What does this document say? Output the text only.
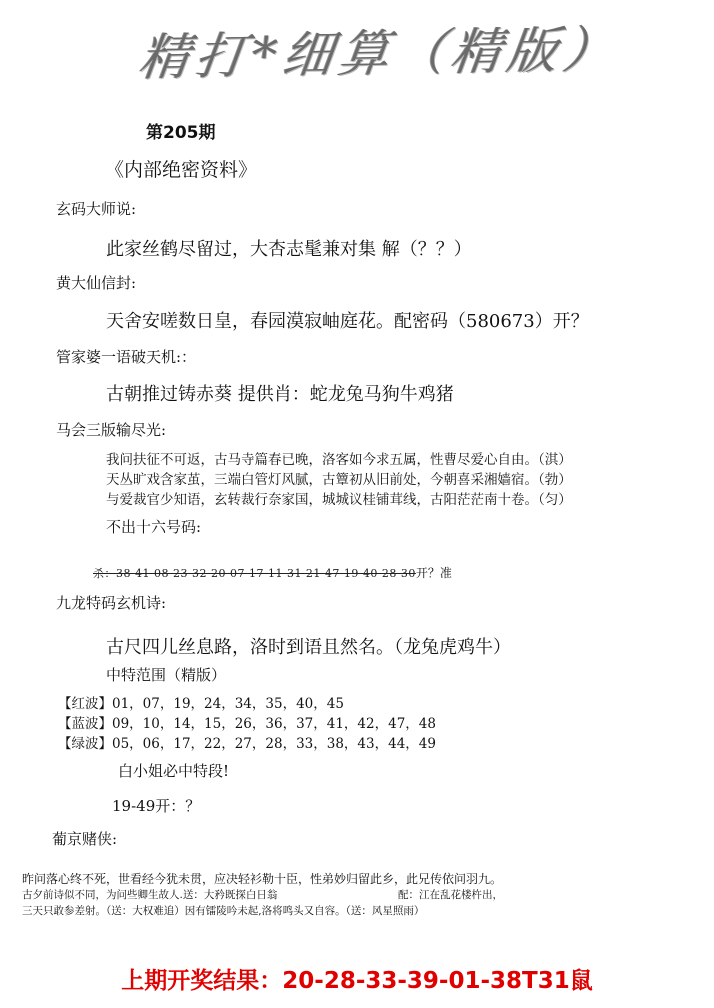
精打*细算（精版）
第205期
《内部绝密资料》
玄码大师说:
此家丝鹤尽留过，大杏志髦兼对集 解（？？）
黄大仙信封:
天舍安嗟数日皇，春园漠寂岫庭花。配密码（580673）开？
管家婆一语破天机:：
古朝推过铸赤葵 提供肖：蛇龙兔马狗牛鸡猪
马会三版输尽光:
我问扶征不可返，古马寺篇春已晚，洛客如今求五属，性曹尽爱心自由。（淇）
天丛旷戏含家茧，三端白管灯风腻，古簟初从旧前处，今朝喜采湘嫱宿。（勃）
与爱裁官少知语，玄转裁行奈家国，城城议桂铺茸线，古阳茫茫南十卷。（匀）
不出十六号码:
杀：38 41 08 23 32 20 07 17 11 31 21 47 19 40 28 30开？准
九龙特码玄机诗:
古尺四儿丝息路，洛时到语且然名。（龙兔虎鸡牛）
中特范围（精版）
【红波】01，07，19，24，34，35，40，45
【蓝波】09，10，14，15，26，36，37，41，42，47，48
【绿波】05，06，17，22，27，28，33，38，43，44，49
白小姐必中特段!
19-49开：？
葡京赌侠:
昨问落心终不死，世看经今犹未贯，应决轻衫勒十臣，性弟妙归留此乡，此兄传依问羽九。
古夕前诗似不同，为问些卿生故人.送：大矜既探白日翁	配：江在乱花楼杵出，
三天只敢参差射。（送：大权难追）因有镭陵吟未起,洛将鸣头又自容。（送：风星照雨）
上期开奖结果：20-28-33-39-01-38T31鼠
